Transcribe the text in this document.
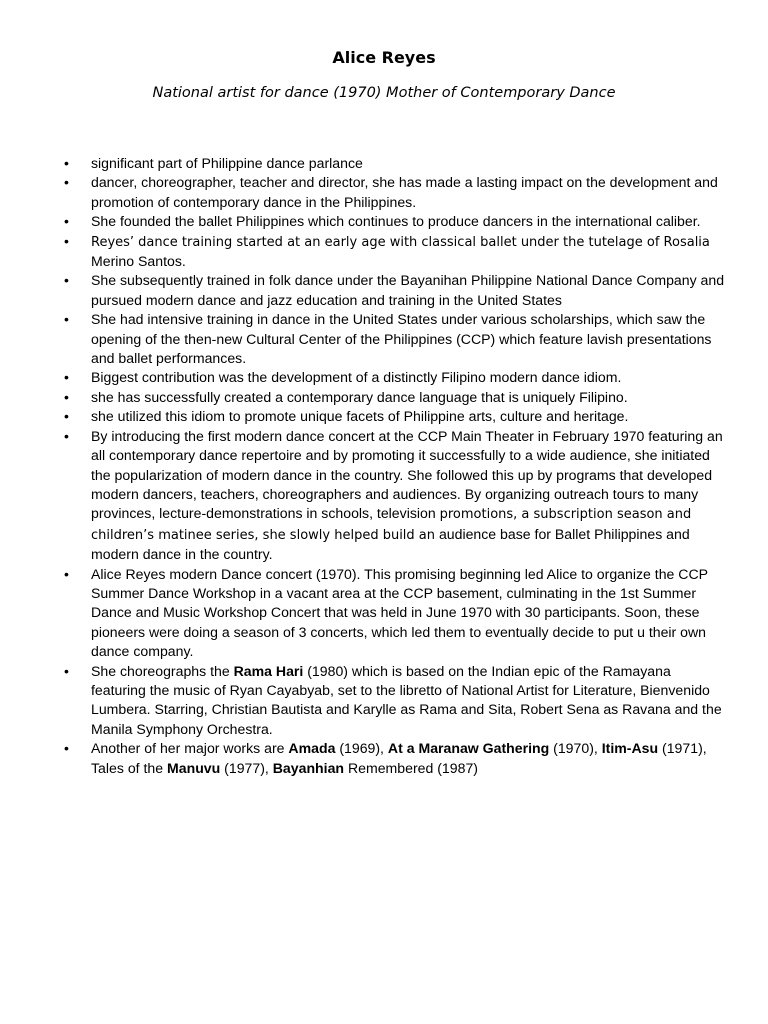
Alice Reyes
National artist for dance (1970) Mother of Contemporary Dance
• significant part of Philippine dance parlance
• dancer, choreographer, teacher and director, she has made a lasting impact on the development and promotion of contemporary dance in the Philippines.
• She founded the ballet Philippines which continues to produce dancers in the international caliber.
• Reyes’ dance training started at an early age with classical ballet under the tutelage of Rosalia Merino Santos.
• She subsequently trained in folk dance under the Bayanihan Philippine National Dance Company and pursued modern dance and jazz education and training in the United States
• She had intensive training in dance in the United States under various scholarships, which saw the opening of the then-new Cultural Center of the Philippines (CCP) which feature lavish presentations and ballet performances.
• Biggest contribution was the development of a distinctly Filipino modern dance idiom.
• she has successfully created a contemporary dance language that is uniquely Filipino.
• she utilized this idiom to promote unique facets of Philippine arts, culture and heritage.
• By introducing the first modern dance concert at the CCP Main Theater in February 1970 featuring an all contemporary dance repertoire and by promoting it successfully to a wide audience, she initiated the popularization of modern dance in the country. She followed this up by programs that developed modern dancers, teachers, choreographers and audiences. By organizing outreach tours to many provinces, lecture-demonstrations in schools, television promotions, a subscription season and children’s matinee series, she slowly helped build an audience base for Ballet Philippines and modern dance in the country.
• Alice Reyes modern Dance concert (1970). This promising beginning led Alice to organize the CCP Summer Dance Workshop in a vacant area at the CCP basement, culminating in the 1st Summer Dance and Music Workshop Concert that was held in June 1970 with 30 participants. Soon, these pioneers were doing a season of 3 concerts, which led them to eventually decide to put u their own dance company.
• She choreographs the Rama Hari (1980) which is based on the Indian epic of the Ramayana featuring the music of Ryan Cayabyab, set to the libretto of National Artist for Literature, Bienvenido Lumbera. Starring, Christian Bautista and Karylle as Rama and Sita, Robert Sena as Ravana and the Manila Symphony Orchestra.
• Another of her major works are Amada (1969), At a Maranaw Gathering (1970), Itim-Asu (1971), Tales of the Manuvu (1977), Bayanhian Remembered (1987)
